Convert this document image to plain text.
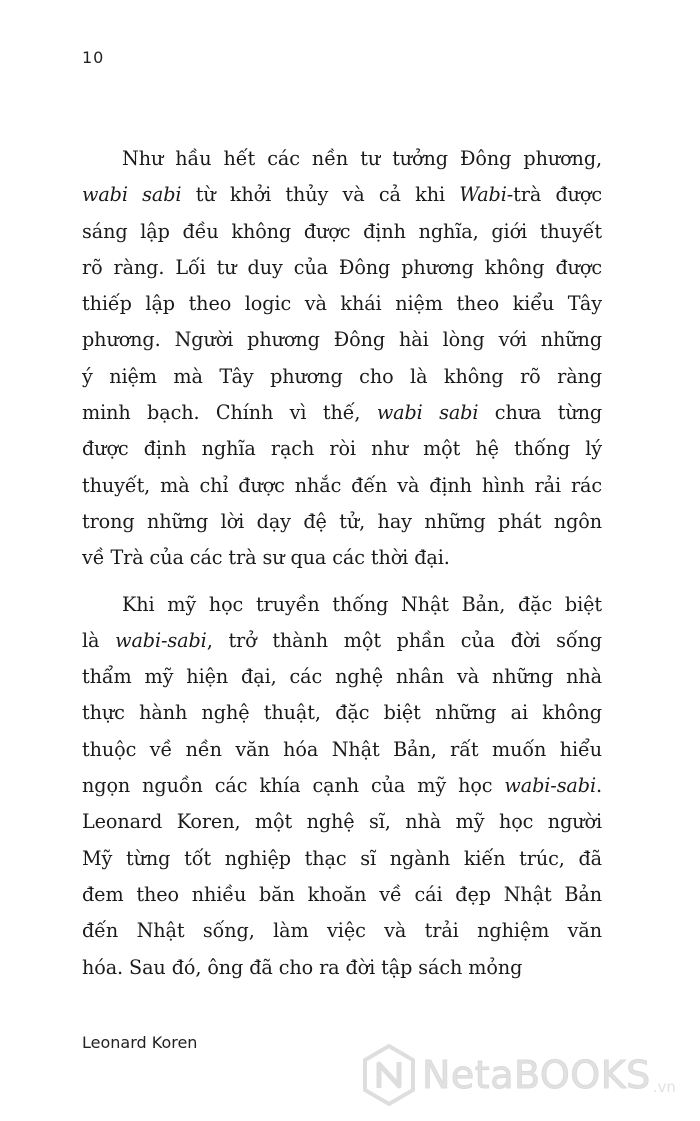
10

Như hầu hết các nền tư tưởng Đông phương,
wabi sabi từ khởi thủy và cả khi Wabi-trà được
sáng lập đều không được định nghĩa, giới thuyết
rõ ràng. Lối tư duy của Đông phương không được
thiếp lập theo logic và khái niệm theo kiểu Tây
phương. Người phương Đông hài lòng với những
ý niệm mà Tây phương cho là không rõ ràng
minh bạch. Chính vì thế, wabi sabi chưa từng
được định nghĩa rạch ròi như một hệ thống lý
thuyết, mà chỉ được nhắc đến và định hình rải rác
trong những lời dạy đệ tử, hay những phát ngôn
về Trà của các trà sư qua các thời đại.

Khi mỹ học truyền thống Nhật Bản, đặc biệt
là wabi-sabi, trở thành một phần của đời sống
thẩm mỹ hiện đại, các nghệ nhân và những nhà
thực hành nghệ thuật, đặc biệt những ai không
thuộc về nền văn hóa Nhật Bản, rất muốn hiểu
ngọn nguồn các khía cạnh của mỹ học wabi-sabi.
Leonard Koren, một nghệ sĩ, nhà mỹ học người
Mỹ từng tốt nghiệp thạc sĩ ngành kiến trúc, đã
đem theo nhiều băn khoăn về cái đẹp Nhật Bản
đến Nhật sống, làm việc và trải nghiệm văn
hóa. Sau đó, ông đã cho ra đời tập sách mỏng

Leonard Koren
NetaBOOKS .vn
